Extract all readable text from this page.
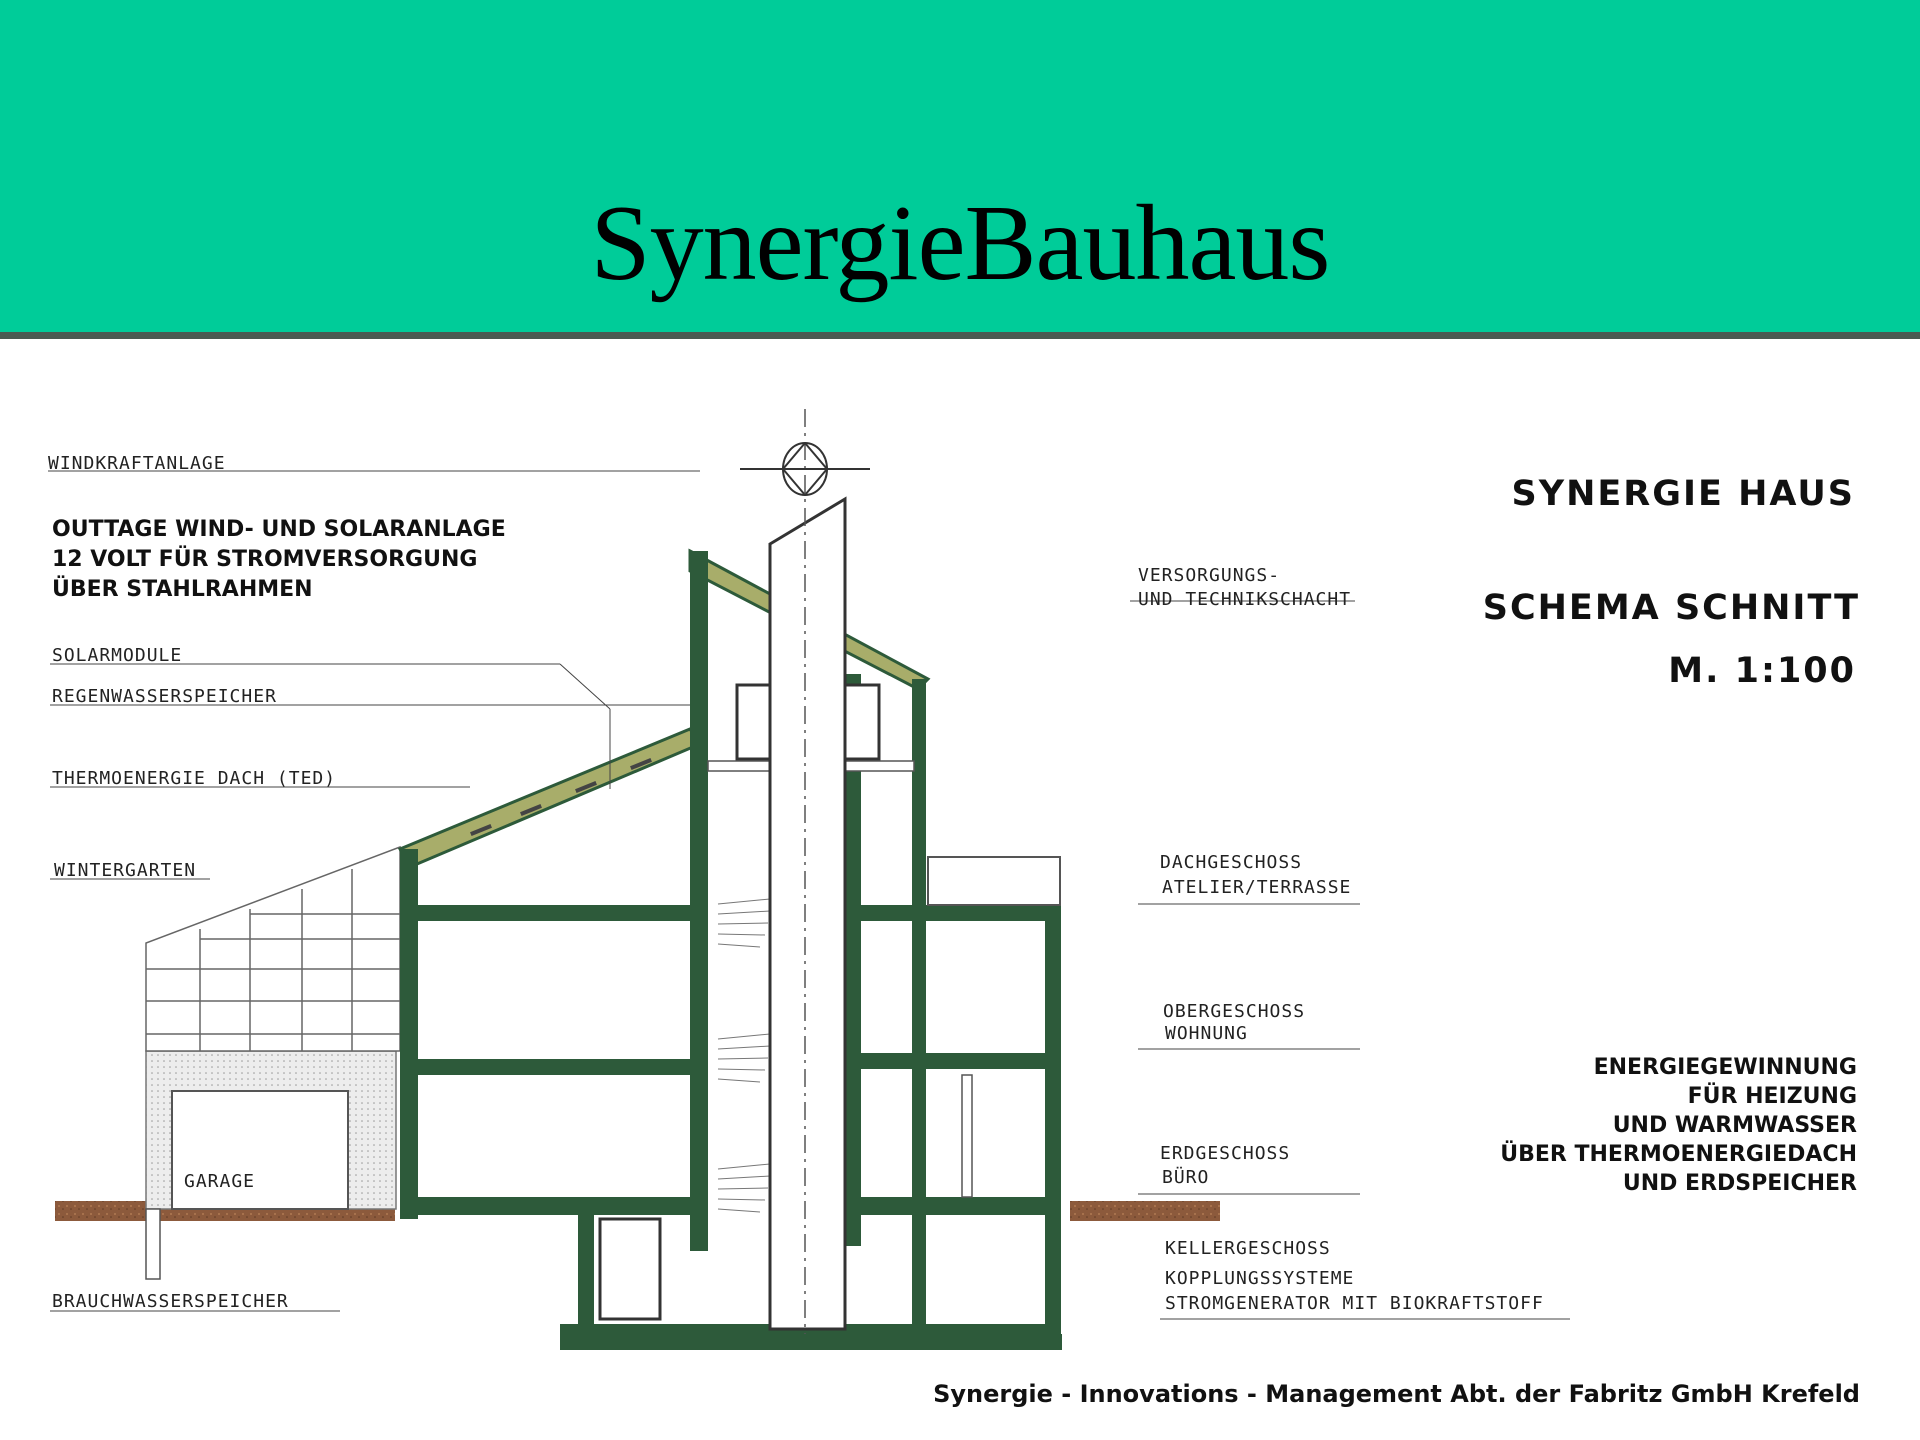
SynergieBauhaus
WINDKRAFTANLAGE
OUTTAGE WIND- UND SOLARANLAGE
12 VOLT FÜR STROMVERSORGUNG
ÜBER STAHLRAHMEN
SOLARMODULE
REGENWASSERSPEICHER
THERMOENERGIE DACH (TED)
WINTERGARTEN
GARAGE
BRAUCHWASSERSPEICHER
VERSORGUNGS-
UND TECHNIKSCHACHT
DACHGESCHOSS
ATELIER/TERRASSE
OBERGESCHOSS
WOHNUNG
ERDGESCHOSS
BÜRO
KELLERGESCHOSS
KOPPLUNGSSYSTEME
STROMGENERATOR MIT BIOKRAFTSTOFF
SYNERGIE HAUS
SCHEMA SCHNITT
M. 1:100
ENERGIEGEWINNUNG
FÜR HEIZUNG
UND WARMWASSER
ÜBER THERMOENERGIEDACH
UND ERDSPEICHER
Synergie - Innovations - Management Abt. der Fabritz GmbH Krefeld
